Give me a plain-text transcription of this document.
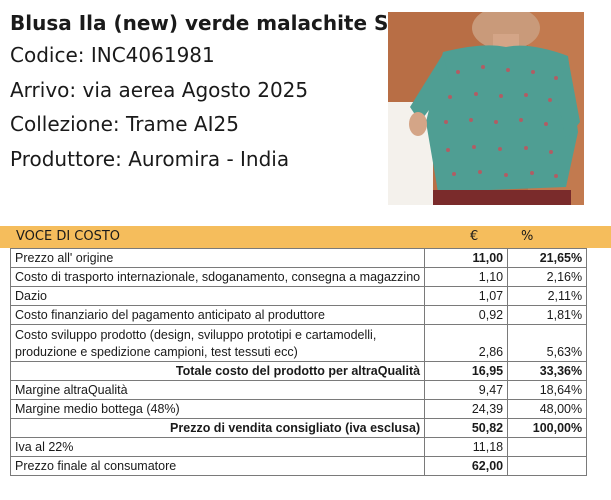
Blusa Ila (new) verde malachite S
Codice: INC4061981
Arrivo: via aerea Agosto 2025
Collezione: Trame AI25
Produttore: Auromira - India
VOCE DI COSTO	€	%
Prezzo all' origine	11,00	21,65%
Costo di trasporto internazionale, sdoganamento, consegna a magazzino	1,10	2,16%
Dazio	1,07	2,11%
Costo finanziario del pagamento anticipato al produttore	0,92	1,81%
Costo sviluppo prodotto (design, sviluppo prototipi e cartamodelli, produzione e spedizione campioni, test tessuti ecc)	2,86	5,63%
Totale costo del prodotto per altraQualità	16,95	33,36%
Margine altraQualità	9,47	18,64%
Margine medio bottega (48%)	24,39	48,00%
Prezzo di vendita consigliato (iva esclusa)	50,82	100,00%
Iva al 22%	11,18	
Prezzo finale al consumatore	62,00	
